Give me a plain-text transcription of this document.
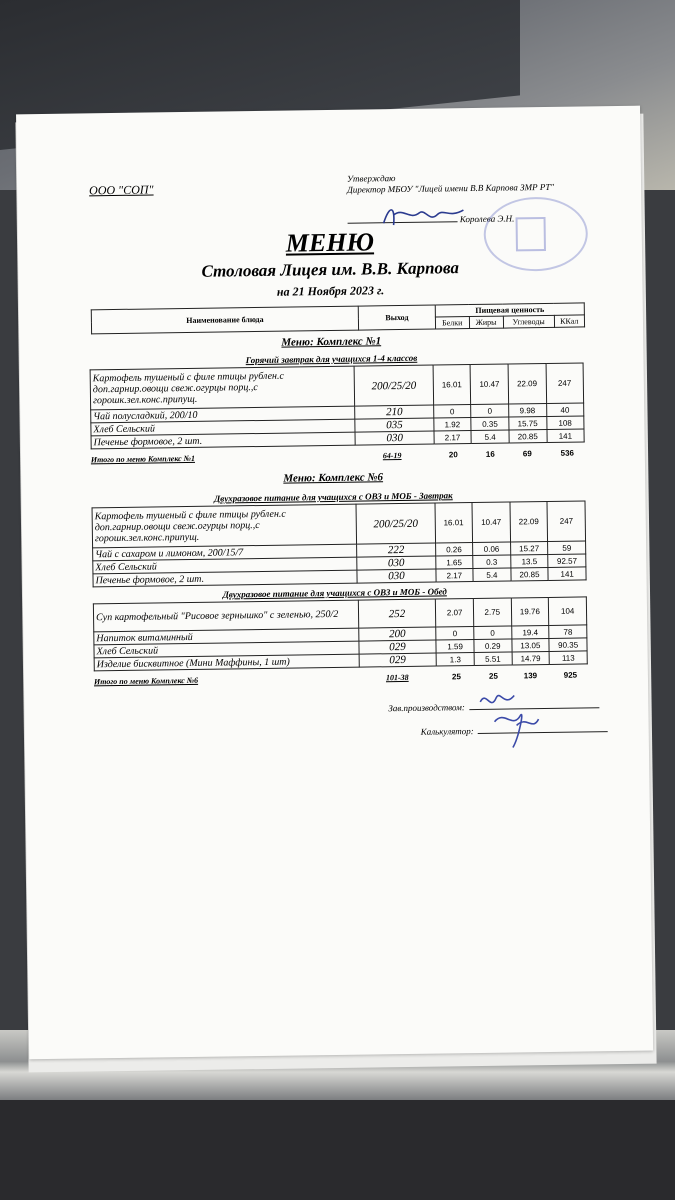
ООО "СОП"
Утверждаю
Директор МБОУ "Лицей имени В.В Карпова ЗМР РТ"
Королева Э.Н.
МЕНЮ
Столовая Лицея им. В.В. Карпова
на 21 Ноября 2023 г.
Наименование блюда	Выход	Пищевая ценность			
		Белки	Жиры	Углеводы	ККал
Меню: Комплекс №1
Горячий завтрак для учащихся 1-4 классов
Картофель тушеный с филе птицы рублен.с доп.гарнир.овощи свеж.огурцы порц.,с горошк.зел.конс.припущ.	200/25/20	16.01	10.47	22.09	247
Чай полусладкий, 200/10	210	0	0	9.98	40
Хлеб Сельский	035	1.92	0.35	15.75	108
Печенье формовое, 2 шт.	030	2.17	5.4	20.85	141
Итого по меню Комплекс №1	64-19	20	16	69	536
Меню: Комплекс №6
Двухразовое питание для учащихся с ОВЗ и МОБ - Завтрак
Картофель тушеный с филе птицы рублен.с доп.гарнир.овощи свеж.огурцы порц.,с горошк.зел.конс.припущ.	200/25/20	16.01	10.47	22.09	247
Чай с сахаром и лимоном, 200/15/7	222	0.26	0.06	15.27	59
Хлеб Сельский	030	1.65	0.3	13.5	92.57
Печенье формовое, 2 шт.	030	2.17	5.4	20.85	141
Двухразовое питание для учащихся с ОВЗ и МОБ - Обед
Суп картофельный "Рисовое зернышко" с зеленью, 250/2	252	2.07	2.75	19.76	104
Напиток витаминный	200	0	0	19.4	78
Хлеб Сельский	029	1.59	0.29	13.05	90.35
Изделие бисквитное (Мини Маффины, 1 шт)	029	1.3	5.51	14.79	113
Итого по меню Комплекс №6	101-38	25	25	139	925
Зав.производством:
Калькулятор:
